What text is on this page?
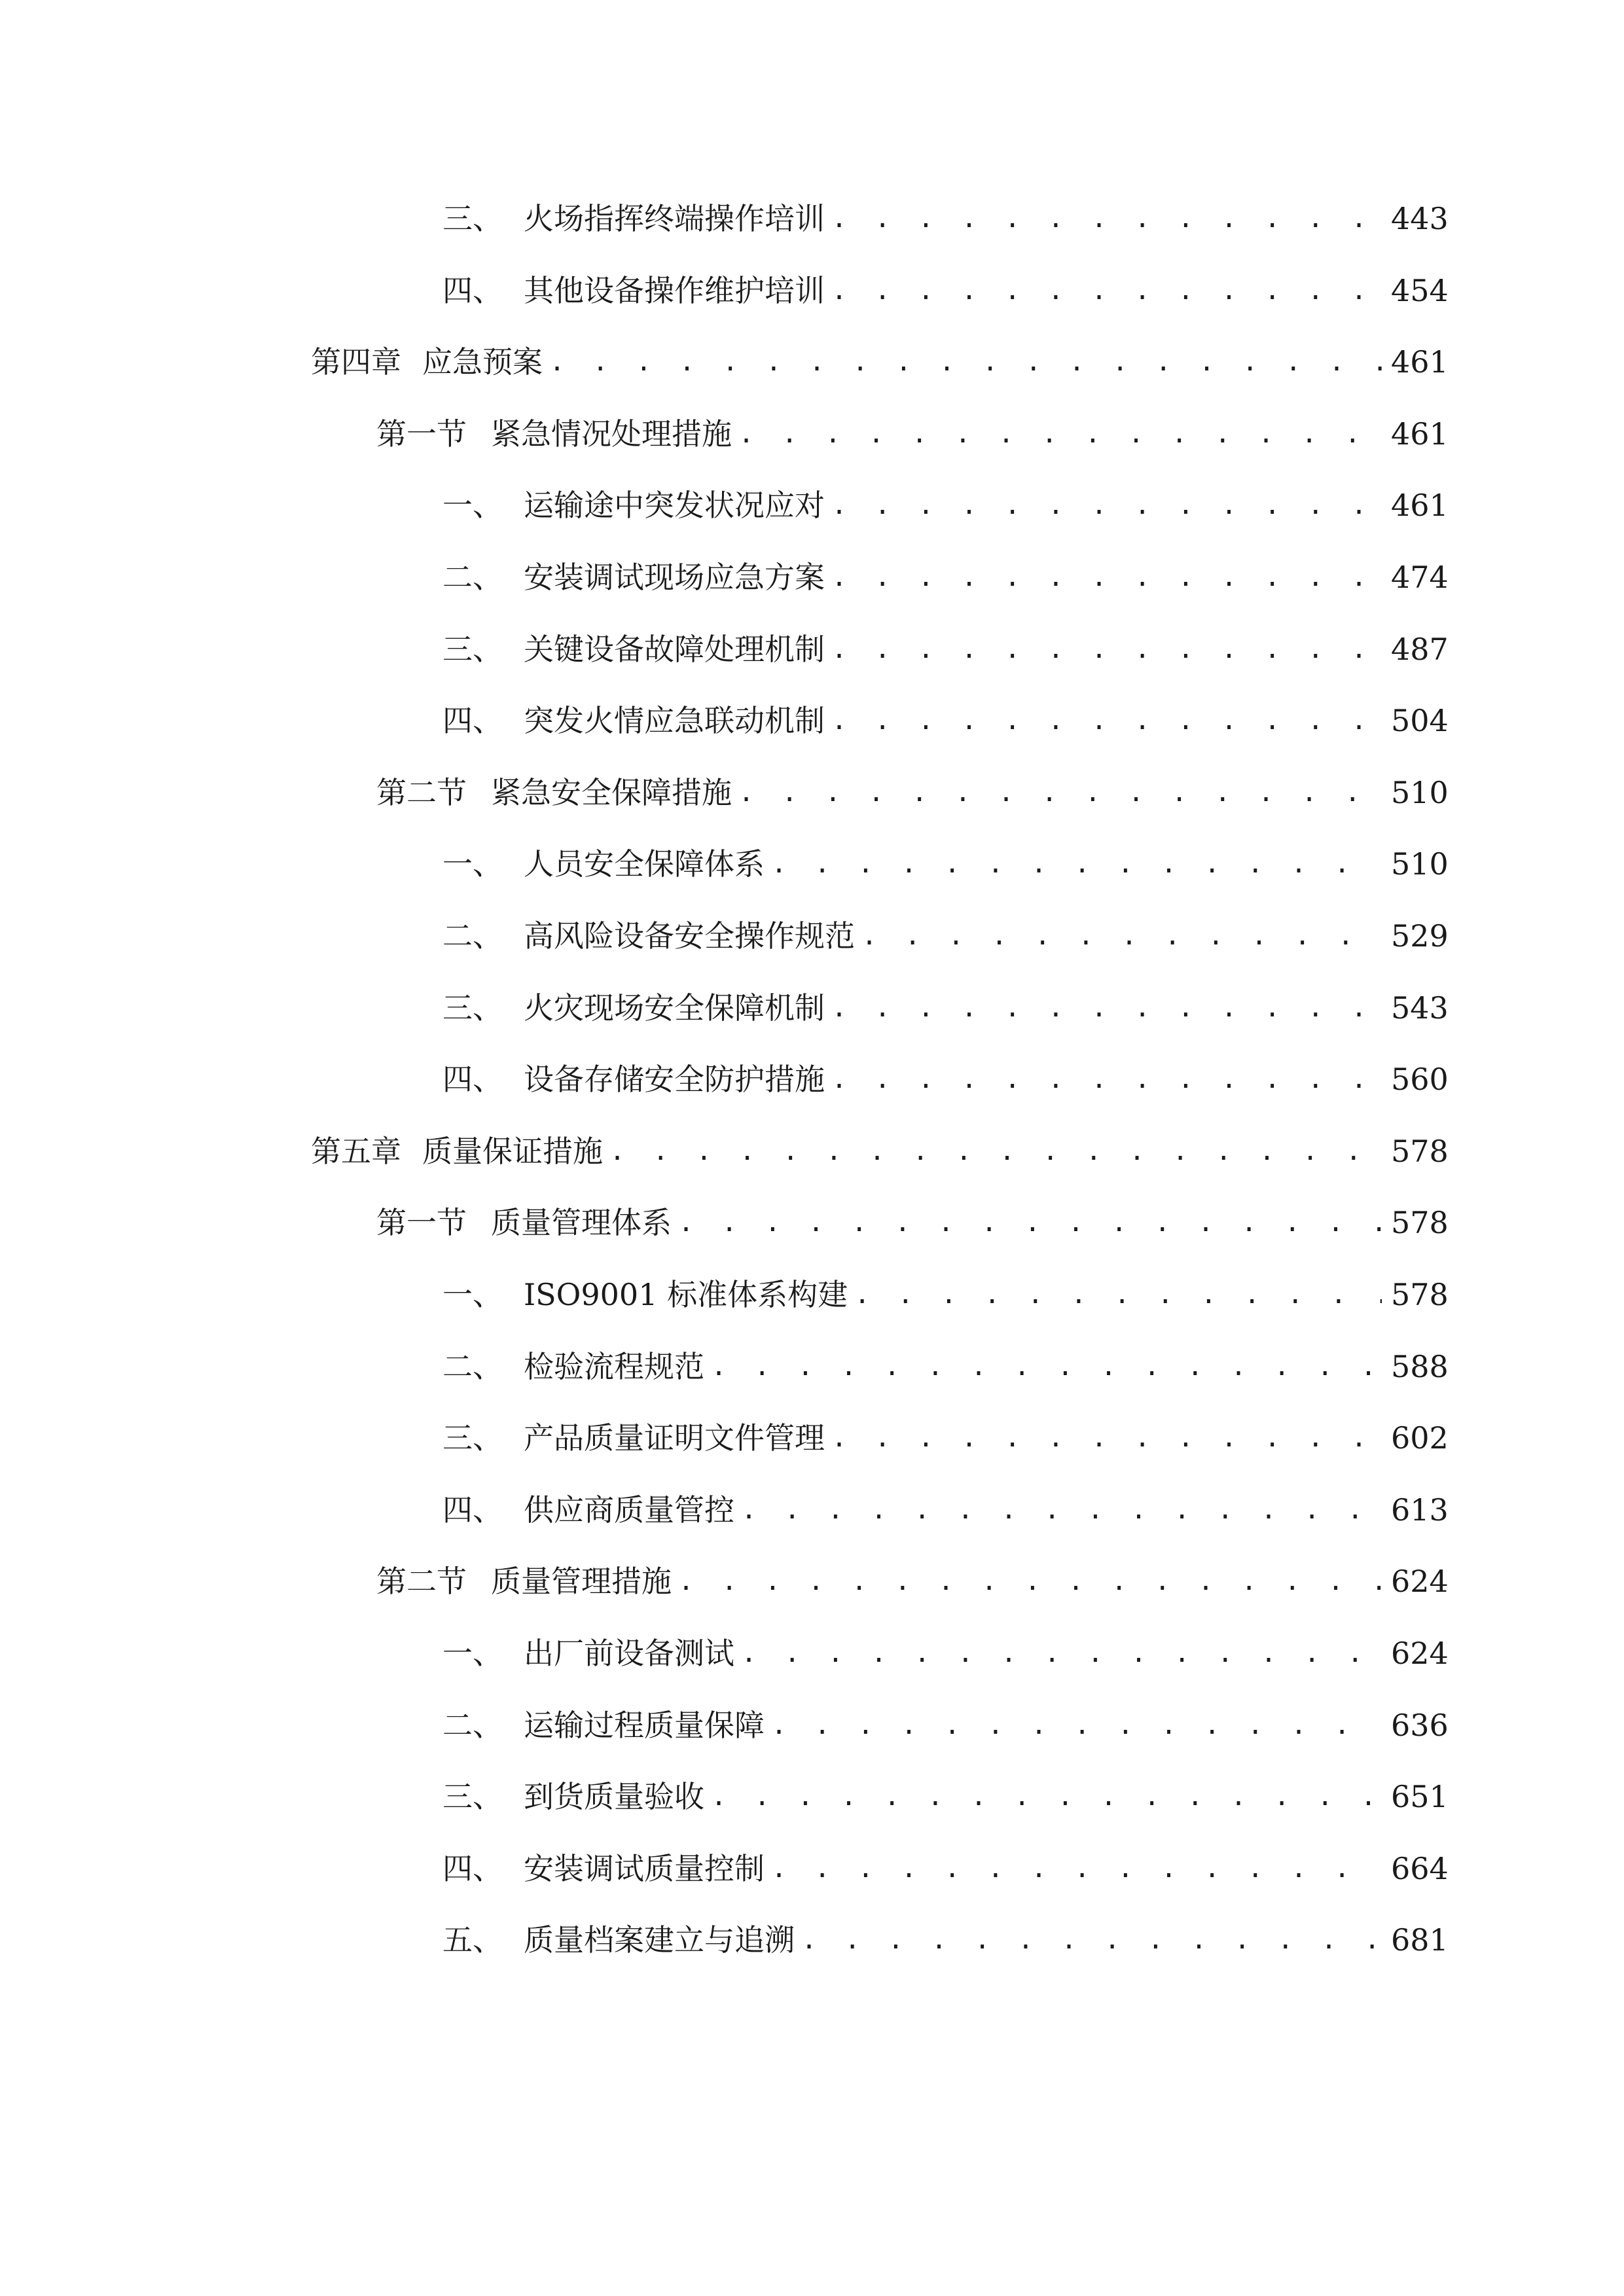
三、 火场指挥终端操作培训 . . .	443
四、 其他设备操作维护培训 . . .	454
第四章 应急预案 . . .	461
第一节 紧急情况处理措施 . . .	461
一、 运输途中突发状况应对 . . .	461
二、 安装调试现场应急方案 . . .	474
三、 关键设备故障处理机制 . . .	487
四、 突发火情应急联动机制 . . .	504
第二节 紧急安全保障措施 . . .	510
一、 人员安全保障体系 . . .	510
二、 高风险设备安全操作规范 . . .	529
三、 火灾现场安全保障机制 . . .	543
四、 设备存储安全防护措施 . . .	560
第五章 质量保证措施 . . .	578
第一节 质量管理体系 . . .	578
一、 ISO9001 标准体系构建 . . .	578
二、 检验流程规范 . . .	588
三、 产品质量证明文件管理 . . .	602
四、 供应商质量管控 . . .	613
第二节 质量管理措施 . . .	624
一、 出厂前设备测试 . . .	624
二、 运输过程质量保障 . . .	636
三、 到货质量验收 . . .	651
四、 安装调试质量控制 . . .	664
五、 质量档案建立与追溯 . . .	681
